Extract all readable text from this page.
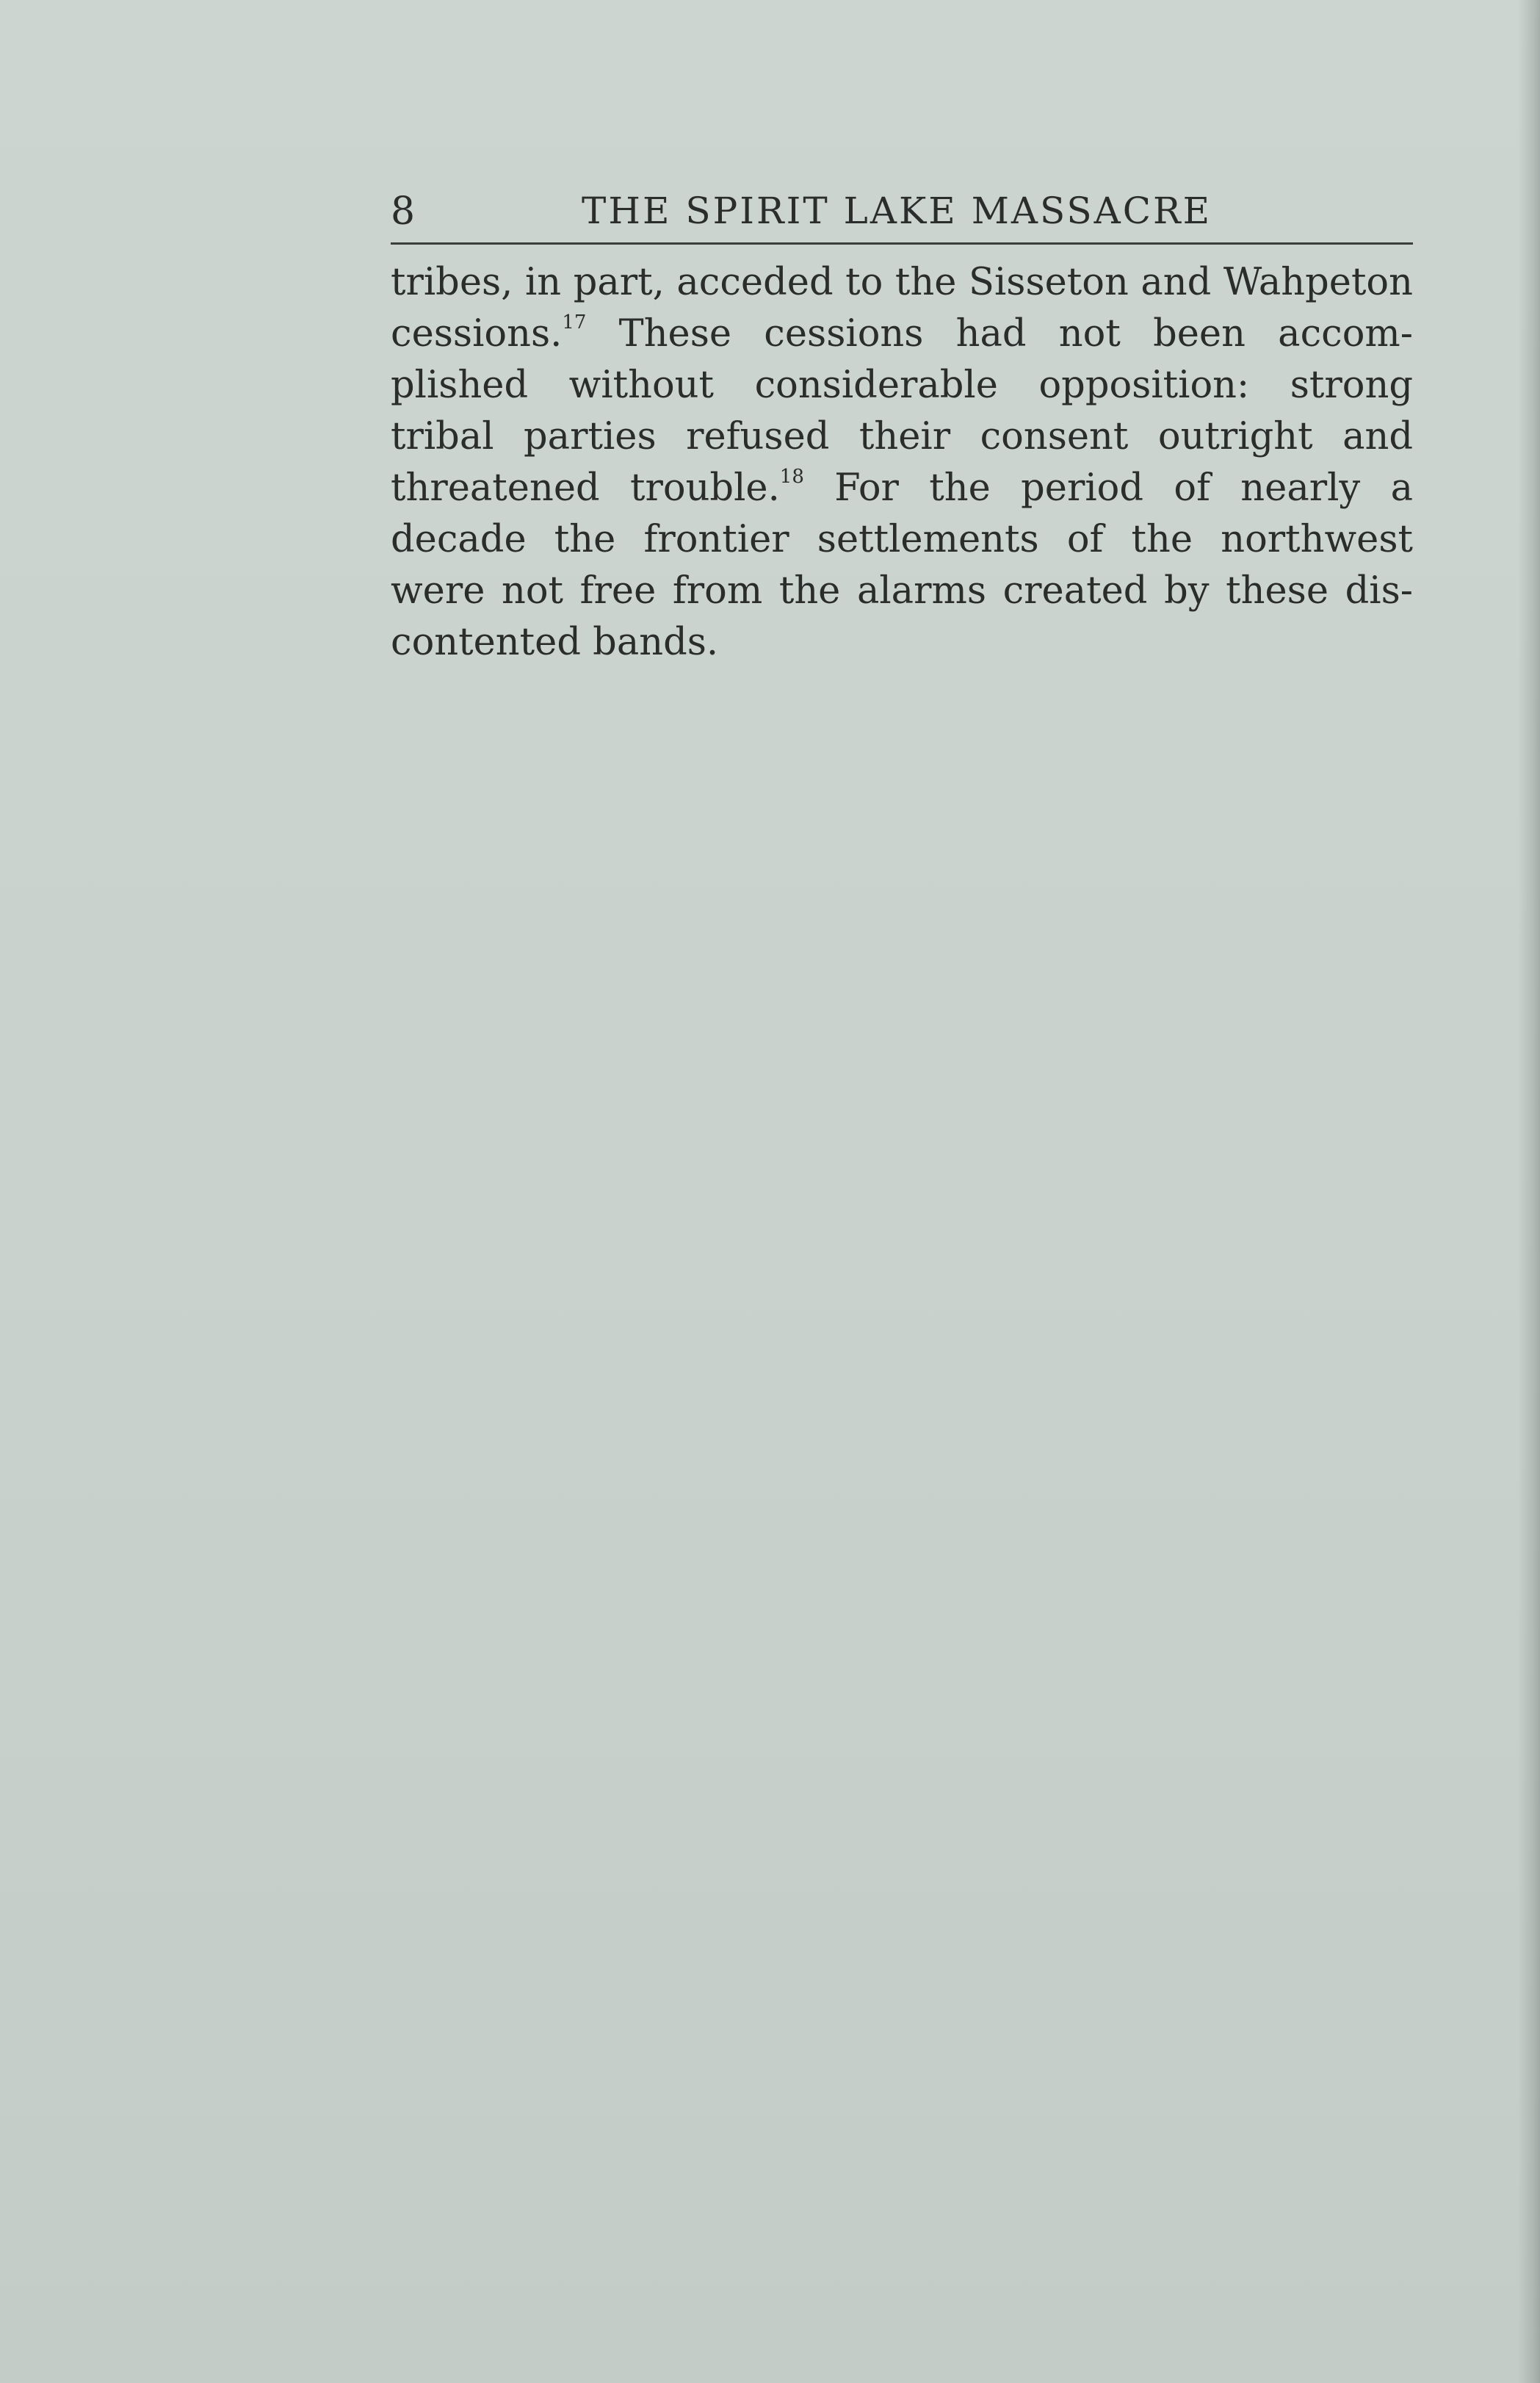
8	THE SPIRIT LAKE MASSACRE
tribes, in part, acceded to the Sisseton and Wahpeton
cessions.$^{17}$ These cessions had not been accom-
plished without considerable opposition: strong
tribal parties refused their consent outright and
threatened trouble.$^{18}$ For the period of nearly a
decade the frontier settlements of the northwest
were not free from the alarms created by these dis-
contented bands.
